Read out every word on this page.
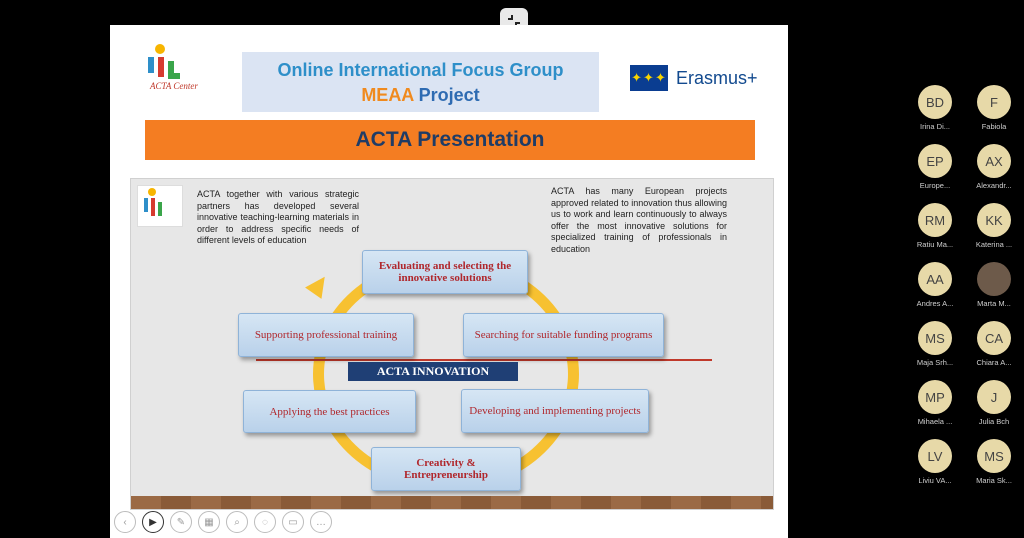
ACTA Center
Online International Focus Group
MEAA Project
✦✦✦ Erasmus+
ACTA Presentation
ACTA together with various strategic partners has developed several innovative teaching-learning materials in order to address specific needs of different levels of education
ACTA has many European projects approved related to innovation thus allowing us to work and learn continuously to always offer the most innovative solutions for specialized training of professionals in education
Evaluating and selecting the innovative solutions
Supporting professional training	Searching for suitable funding programs
ACTA INNOVATION
Applying the best practices	Developing and implementing projects
Creativity & Entrepreneurship
‹ ▶ ✎ ▦ ⌕ ◌ ▭ …
BD
Irina Di...
F
Fabiola
EP
Europe...
AX
Alexandr...
RM
Ratiu Ma...
KK
Katerina ...
AA
Andres A...	Marta M...
MS
Maja Srh...
CA
Chiara A...
MP
Mihaela ...
J
Julia Bch
LV
Liviu VA...
MS
Maria Sk...
